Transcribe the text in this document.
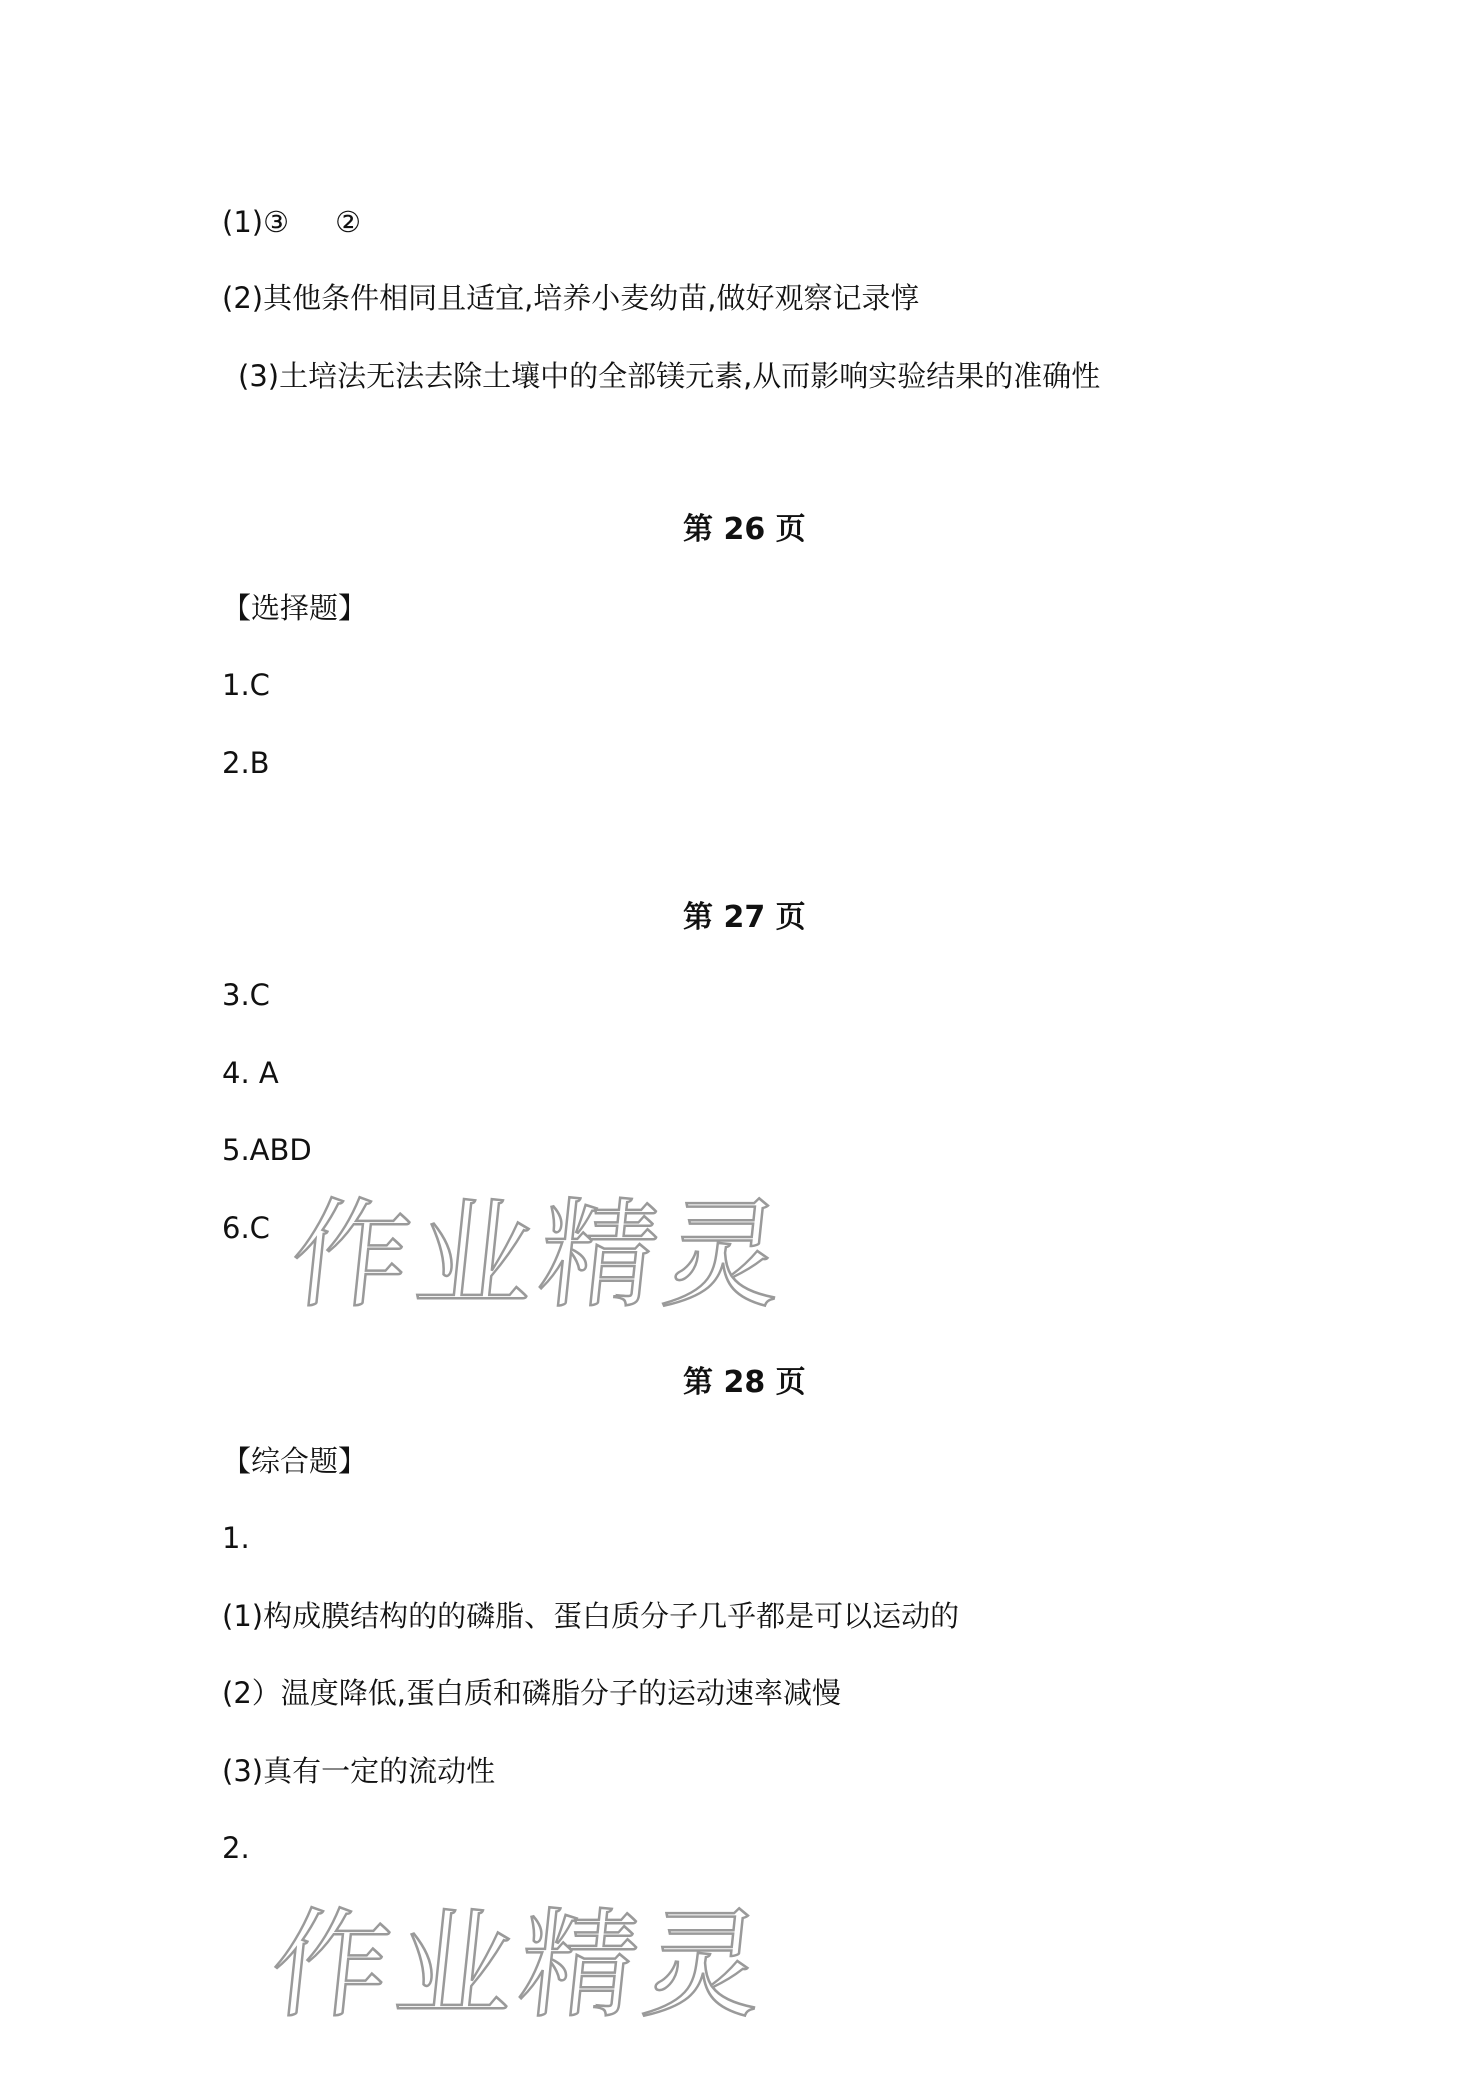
(1)③     ②

(2)其他条件相同且适宜,培养小麦幼苗,做好观察记录惇

(3)土培法无法去除土壤中的全部镁元素,从而影响实验结果的准确性

第 26 页

【选择题】

1.C

2.B

第 27 页

3.C

4. A

5.ABD

6.C

第 28 页

【综合题】

1.

(1)构成膜结构的的磷脂、蛋白质分子几乎都是可以运动的

(2）温度降低,蛋白质和磷脂分子的运动速率减慢

(3)真有一定的流动性

2.

作业精灵
作业精灵
